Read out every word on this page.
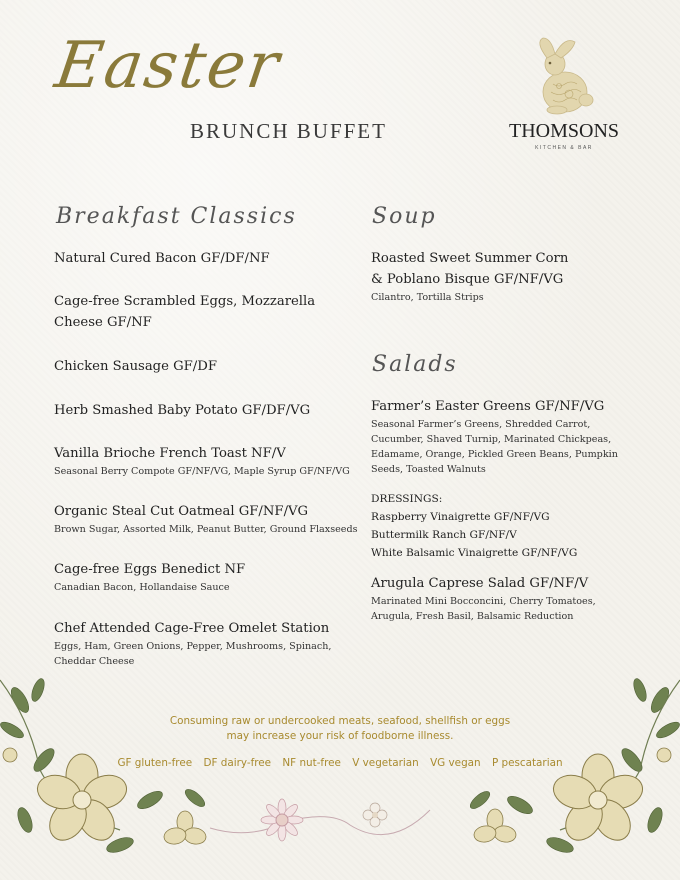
Easter
BRUNCH BUFFET	THOMSONS
KITCHEN & BAR
Breakfast Classics
Natural Cured Bacon GF/DF/NF
Cage-free Scrambled Eggs, Mozzarella
Cheese GF/NF
Chicken Sausage GF/DF
Herb Smashed Baby Potato GF/DF/VG
Vanilla Brioche French Toast NF/V
Seasonal Berry Compote GF/NF/VG, Maple Syrup GF/NF/VG
Organic Steal Cut Oatmeal GF/NF/VG
Brown Sugar, Assorted Milk, Peanut Butter, Ground Flaxseeds
Cage-free Eggs Benedict NF
Canadian Bacon, Hollandaise Sauce
Chef Attended Cage-Free Omelet Station
Eggs, Ham, Green Onions, Pepper, Mushrooms, Spinach,
Cheddar Cheese
Soup
Roasted Sweet Summer Corn
& Poblano Bisque GF/NF/VG
Cilantro, Tortilla Strips
Salads
Farmer’s Easter Greens GF/NF/VG
Seasonal Farmer’s Greens, Shredded Carrot,
Cucumber, Shaved Turnip, Marinated Chickpeas,
Edamame, Orange, Pickled Green Beans, Pumpkin
Seeds, Toasted Walnuts
DRESSINGS:
Raspberry Vinaigrette GF/NF/VG
Buttermilk Ranch GF/NF/V
White Balsamic Vinaigrette GF/NF/VG
Arugula Caprese Salad GF/NF/V
Marinated Mini Bocconcini, Cherry Tomatoes,
Arugula, Fresh Basil, Balsamic Reduction
Consuming raw or undercooked meats, seafood, shellfish or eggs
may increase your risk of foodborne illness.
GF gluten-free DF dairy-free NF nut-free V vegetarian VG vegan P pescatarian
